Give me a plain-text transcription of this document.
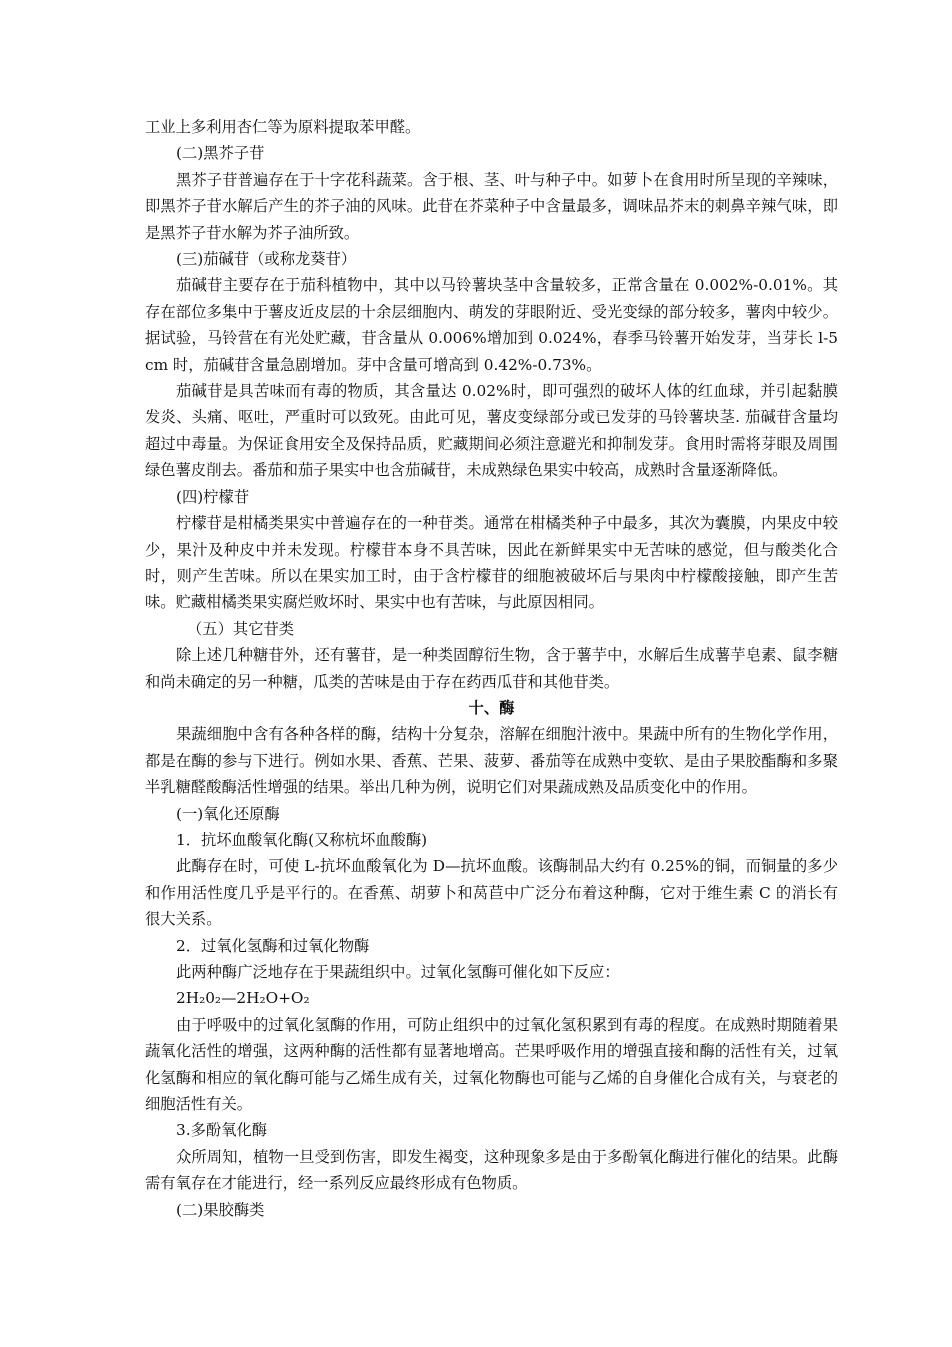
工业上多利用杏仁等为原料提取苯甲醛。

(二)黑芥子苷

黑芥子苷普遍存在于十字花科蔬菜。含于根、茎、叶与种子中。如萝卜在食用时所呈现的辛辣味，即黑芥子苷水解后产生的芥子油的风味。此苷在芥菜种子中含量最多，调味品芥末的刺鼻辛辣气味，即是黑芥子苷水解为芥子油所致。

(三)茄碱苷（或称龙葵苷）

茄碱苷主要存在于茄科植物中，其中以马铃薯块茎中含量较多，正常含量在 0.002%-0.01%。其存在部位多集中于薯皮近皮层的十余层细胞内、萌发的芽眼附近、受光变绿的部分较多，薯肉中较少。据试验，马铃营在有光处贮藏，苷含量从 0.006%增加到 0.024%，春季马铃薯开始发芽，当芽长 l-5cm 时，茄碱苷含量急剧增加。芽中含量可增高到 0.42%-0.73%。

茄碱苷是具苦味而有毒的物质，其含量达 0.02%时，即可强烈的破坏人体的红血球，并引起黏膜发炎、头痛、呕吐，严重时可以致死。由此可见，薯皮变绿部分或已发芽的马铃薯块茎. 茄碱苷含量均超过中毒量。为保证食用安全及保持品质，贮藏期间必须注意避光和抑制发芽。食用时需将芽眼及周围绿色薯皮削去。番茄和茄子果实中也含茄碱苷，未成熟绿色果实中较高，成熟时含量逐渐降低。

(四)柠檬苷

柠檬苷是柑橘类果实中普遍存在的一种苷类。通常在柑橘类种子中最多，其次为囊膜，内果皮中较少，果汁及种皮中并未发现。柠檬苷本身不具苦味，因此在新鲜果实中无苦味的感觉，但与酸类化合时，则产生苦味。所以在果实加工时，由于含柠檬苷的细胞被破坏后与果肉中柠檬酸接触，即产生苦味。贮藏柑橘类果实腐烂败坏时、果实中也有苦味，与此原因相同。

（五）其它苷类

除上述几种糖苷外，还有薯苷，是一种类固醇衍生物，含于薯芋中，水解后生成薯芋皂素、鼠李糖和尚未确定的另一种糖，瓜类的苦味是由于存在药西瓜苷和其他苷类。

十、酶

果蔬细胞中含有各种各样的酶，结构十分复杂，溶解在细胞汁液中。果蔬中所有的生物化学作用，都是在酶的参与下进行。例如水果、香蕉、芒果、菠萝、番茄等在成熟中变软、是由子果胶酯酶和多聚半乳糖醛酸酶活性增强的结果。举出几种为例，说明它们对果蔬成熟及品质变化中的作用。

(一)氧化还原酶

1．抗坏血酸氧化酶(又称杭坏血酸酶)

此酶存在时，可使 L-抗坏血酸氧化为 D—抗坏血酸。该酶制品大约有 0.25%的铜，而铜量的多少和作用活性度几乎是平行的。在香蕉、胡萝卜和莴苣中广泛分布着这种酶，它对于维生素 C 的消长有很大关系。

2．过氧化氢酶和过氧化物酶

此两种酶广泛地存在于果蔬组织中。过氧化氢酶可催化如下反应：

2H₂0₂—2H₂O+O₂

由于呼吸中的过氧化氢酶的作用，可防止组织中的过氧化氢积累到有毒的程度。在成熟时期随着果蔬氧化活性的增强，这两种酶的活性都有显著地增高。芒果呼吸作用的增强直接和酶的活性有关，过氧化氢酶和相应的氧化酶可能与乙烯生成有关，过氧化物酶也可能与乙烯的自身催化合成有关，与衰老的细胞活性有关。

3.多酚氧化酶

众所周知，植物一旦受到伤害，即发生褐变，这种现象多是由于多酚氧化酶进行催化的结果。此酶需有氧存在才能进行，经一系列反应最终形成有色物质。

(二)果胶酶类
